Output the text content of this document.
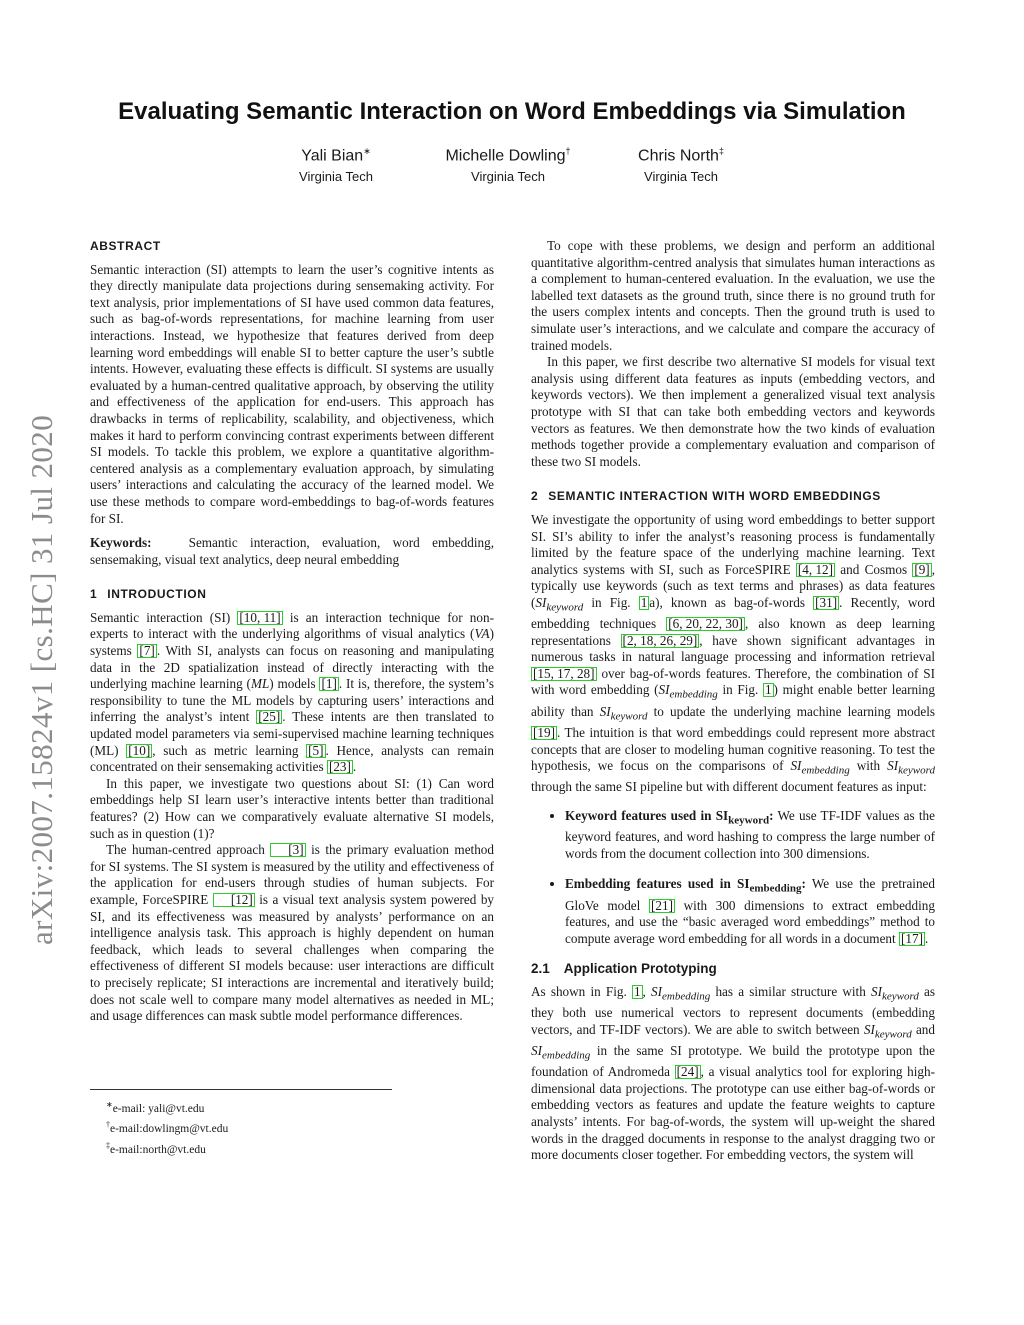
arXiv:2007.15824v1 [cs.HC] 31 Jul 2020
Evaluating Semantic Interaction on Word Embeddings via Simulation
Yali Bian∗
Virginia Tech
Michelle Dowling†
Virginia Tech
Chris North‡
Virginia Tech
ABSTRACT

Semantic interaction (SI) attempts to learn the user’s cognitive intents as they directly manipulate data projections during sensemaking activity. For text analysis, prior implementations of SI have used common data features, such as bag-of-words representations, for machine learning from user interactions. Instead, we hypothesize that features derived from deep learning word embeddings will enable SI to better capture the user’s subtle intents. However, evaluating these effects is difficult. SI systems are usually evaluated by a human-centred qualitative approach, by observing the utility and effectiveness of the application for end-users. This approach has drawbacks in terms of replicability, scalability, and objectiveness, which makes it hard to perform convincing contrast experiments between different SI models. To tackle this problem, we explore a quantitative algorithm-centered analysis as a complementary evaluation approach, by simulating users’ interactions and calculating the accuracy of the learned model. We use these methods to compare word-embeddings to bag-of-words features for SI.

Keywords:	Semantic interaction, evaluation, word embedding, sensemaking, visual text analytics, deep neural embedding

1 INTRODUCTION

Semantic interaction (SI) [10, 11] is an interaction technique for non-experts to interact with the underlying algorithms of visual analytics (VA) systems [7] . With SI, analysts can focus on reasoning and manipulating data in the 2D spatialization instead of directly interacting with the underlying machine learning (ML) models [1] . It is, therefore, the system’s responsibility to tune the ML models by capturing users’ interactions and inferring the analyst’s intent [25] . These intents are then translated to updated model parameters via semi-supervised machine learning techniques (ML) [10] , such as metric learning [5] . Hence, analysts can remain concentrated on their sensemaking activities [23] .

In this paper, we investigate two questions about SI: (1) Can word embeddings help SI learn user’s interactive intents better than traditional features? (2) How can we comparatively evaluate alternative SI models, such as in question (1)?

The human-centred approach [3] is the primary evaluation method for SI systems. The SI system is measured by the utility and effectiveness of the application for end-users through studies of human subjects. For example, ForceSPIRE [12] is a visual text analysis system powered by SI, and its effectiveness was measured by analysts’ performance on an intelligence analysis task. This approach is highly dependent on human feedback, which leads to several challenges when comparing the effectiveness of different SI models because: user interactions are difficult to precisely replicate; SI interactions are incremental and iteratively build; does not scale well to compare many model alternatives as needed in ML; and usage differences can mask subtle model performance differences.

∗e-mail: yali@vt.edu
†e-mail:dowlingm@vt.edu
‡e-mail:north@vt.edu

To cope with these problems, we design and perform an additional quantitative algorithm-centred analysis that simulates human interactions as a complement to human-centered evaluation. In the evaluation, we use the labelled text datasets as the ground truth, since there is no ground truth for the users complex intents and concepts. Then the ground truth is used to simulate user’s interactions, and we calculate and compare the accuracy of trained models.

In this paper, we first describe two alternative SI models for visual text analysis using different data features as inputs (embedding vectors, and keywords vectors). We then implement a generalized visual text analysis prototype with SI that can take both embedding vectors and keywords vectors as features. We then demonstrate how the two kinds of evaluation methods together provide a complementary evaluation and comparison of these two SI models.

2 SEMANTIC INTERACTION WITH WORD EMBEDDINGS

We investigate the opportunity of using word embeddings to better support SI. SI’s ability to infer the analyst’s reasoning process is fundamentally limited by the feature space of the underlying machine learning. Text analytics systems with SI, such as ForceSPIRE [4, 12] and Cosmos [9] , typically use keywords (such as text terms and phrases) as data features ($SI_{keyword}$ in Fig. 1 a), known as bag-of-words [31] . Recently, word embedding techniques [6, 20, 22, 30] , also known as deep learning representations [2, 18, 26, 29] , have shown significant advantages in numerous tasks in natural language processing and information retrieval [15, 17, 28] over bag-of-words features. Therefore, the combination of SI with word embedding ($SI_{embedding}$ in Fig. 1 ) might enable better learning ability than $SI_{keyword}$ to update the underlying machine learning models [19] . The intuition is that word embeddings could represent more abstract concepts that are closer to modeling human cognitive reasoning. To test the hypothesis, we focus on the comparisons of $SI_{embedding}$ with $SI_{keyword}$ through the same SI pipeline but with different document features as input:

• Keyword features used in $SI_{keyword}$: We use TF-IDF values as the keyword features, and word hashing to compress the large number of words from the document collection into 300 dimensions.
• Embedding features used in $SI_{embedding}$: We use the pretrained GloVe model [21] with 300 dimensions to extract embedding features, and use the “basic averaged word embeddings” method to compute average word embedding for all words in a document [17] .
2.1 Application Prototyping

As shown in Fig. 1 , $SI_{embedding}$ has a similar structure with $SI_{keyword}$ as they both use numerical vectors to represent documents (embedding vectors, and TF-IDF vectors). We are able to switch between $SI_{keyword}$ and $SI_{embedding}$ in the same SI prototype. We build the prototype upon the foundation of Andromeda [24] , a visual analytics tool for exploring high-dimensional data projections. The prototype can use either bag-of-words or embedding vectors as features and update the feature weights to capture analysts’ intents. For bag-of-words, the system will up-weight the shared words in the dragged documents in response to the analyst dragging two or more documents closer together. For embedding vectors, the system will
